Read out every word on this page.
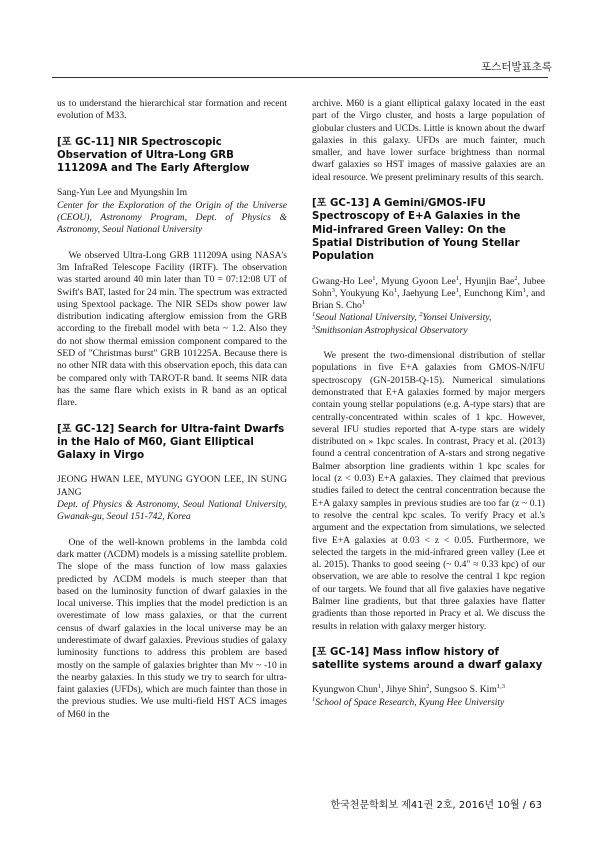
포스터발표초록

us to understand the hierarchical star formation and recent evolution of M33.

[포 GC-11] NIR Spectroscopic Observation of Ultra-Long GRB 111209A and The Early Afterglow

Sang-Yun Lee and Myungshin Im

Center for the Exploration of the Origin of the Universe (CEOU), Astronomy Program, Dept. of Physics & Astronomy, Seoul National University

We observed Ultra-Long GRB 111209A using NASA's 3m InfraRed Telescope Facility (IRTF). The observation was started around 40 min later than T0 = 07:12:08 UT of Swift's BAT, lasted for 24 min. The spectrum was extracted using Spextool package. The NIR SEDs show power law distribution indicating afterglow emission from the GRB according to the fireball model with beta ~ 1.2. Also they do not show thermal emission component compared to the SED of "Christmas burst" GRB 101225A. Because there is no other NIR data with this observation epoch, this data can be compared only with TAROT-R band. It seems NIR data has the same flare which exists in R band as an optical flare.

[포 GC-12] Search for Ultra-faint Dwarfs in the Halo of M60, Giant Elliptical Galaxy in Virgo

JEONG HWAN LEE, MYUNG GYOON LEE, IN SUNG JANG

Dept. of Physics & Astronomy, Seoul National University, Gwanak-gu, Seoul 151-742, Korea

One of the well-known problems in the lambda cold dark matter (ΛCDM) models is a missing satellite problem. The slope of the mass function of low mass galaxies predicted by ΛCDM models is much steeper than that based on the luminosity function of dwarf galaxies in the local universe. This implies that the model prediction is an overestimate of low mass galaxies, or that the current census of dwarf galaxies in the local universe may be an underestimate of dwarf galaxies. Previous studies of galaxy luminosity functions to address this problem are based mostly on the sample of galaxies brighter than Mv ~ -10 in the nearby galaxies. In this study we try to search for ultra-faint galaxies (UFDs), which are much fainter than those in the previous studies. We use multi-field HST ACS images of M60 in the

archive. M60 is a giant elliptical galaxy located in the east part of the Virgo cluster, and hosts a large population of globular clusters and UCDs. Little is known about the dwarf galaxies in this galaxy. UFDs are much fainter, much smaller, and have lower surface brightness than normal dwarf galaxies so HST images of massive galaxies are an ideal resource. We present preliminary results of this search.

[포 GC-13] A Gemini/GMOS-IFU Spectroscopy of E+A Galaxies in the Mid-infrared Green Valley: On the Spatial Distribution of Young Stellar Population

Gwang-Ho Lee$^1$, Myung Gyoon Lee$^1$, Hyunjin Bae$^2$, Jubee Sohn$^3$, Youkyung Ko$^1$, Jaehyung Lee$^1$, Eunchong Kim$^1$, and Brian S. Cho$^1$

$^1$Seoul National University, $^2$Yonsei University,
$^3$Smithsonian Astrophysical Observatory

We present the two-dimensional distribution of stellar populations in five E+A galaxies from GMOS-N/IFU spectroscopy (GN-2015B-Q-15). Numerical simulations demonstrated that E+A galaxies formed by major mergers contain young stellar populations (e.g. A-type stars) that are centrally-concentrated within scales of 1 kpc. However, several IFU studies reported that A-type stars are widely distributed on » 1kpc scales. In contrast, Pracy et al. (2013) found a central concentration of A-stars and strong negative Balmer absorption line gradients within 1 kpc scales for local (z < 0.03) E+A galaxies. They claimed that previous studies failed to detect the central concentration because the E+A galaxy samples in previous studies are too far (z ~ 0.1) to resolve the central kpc scales. To verify Pracy et al.'s argument and the expectation from simulations, we selected five E+A galaxies at 0.03 < z < 0.05. Furthermore, we selected the targets in the mid-infrared green valley (Lee et al. 2015). Thanks to good seeing (~ 0.4" ≈ 0.33 kpc) of our observation, we are able to resolve the central 1 kpc region of our targets. We found that all five galaxies have negative Balmer line gradients, but that three galaxies have flatter gradients than those reported in Pracy et al. We discuss the results in relation with galaxy merger history.

[포 GC-14] Mass inflow history of satellite systems around a dwarf galaxy

Kyungwon Chun$^1$, Jihye Shin$^2$, Sungsoo S. Kim$^{1,3}$

$^1$School of Space Research, Kyung Hee University

한국천문학회보 제41권 2호, 2016년 10월 / 63
